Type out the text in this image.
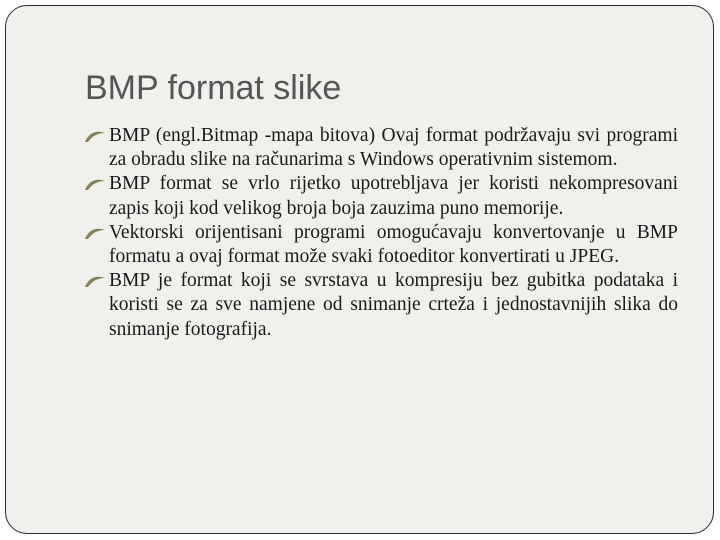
BMP format slike
BMP (engl.Bitmap -mapa bitova) Ovaj format podržavaju svi programi za obradu slike na računarima s Windows operativnim sistemom.
BMP format se vrlo rijetko upotrebljava jer koristi nekompresovani zapis koji kod velikog broja boja zauzima puno memorije.
Vektorski orijentisani programi omogućavaju konvertovanje u BMP formatu a ovaj format može svaki fotoeditor konvertirati u JPEG.
BMP je format koji se svrstava u kompresiju bez gubitka podataka i koristi se za sve namjene od snimanje crteža i jednostavnijih slika do snimanje fotografija.
